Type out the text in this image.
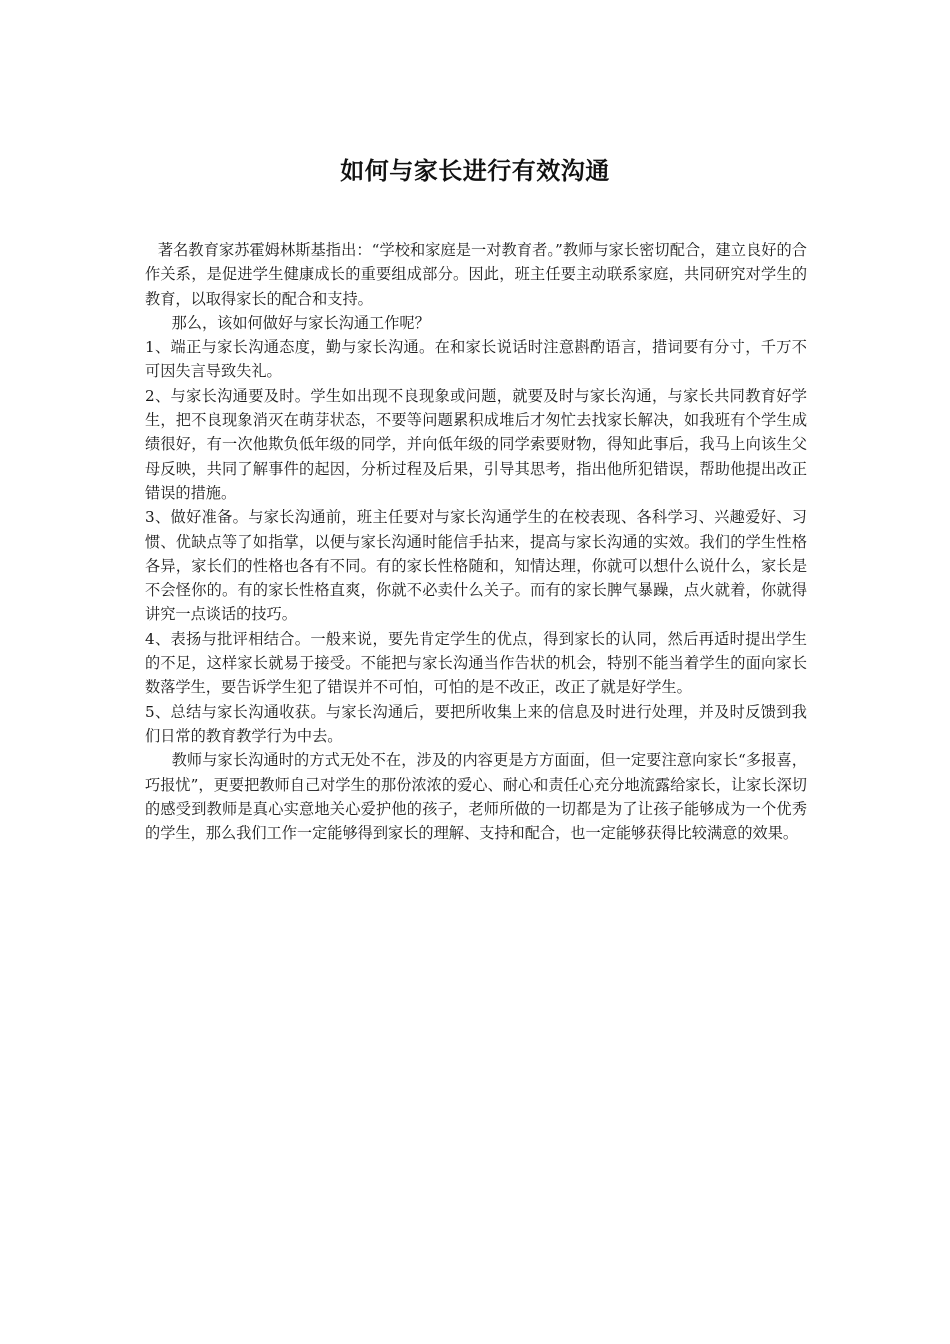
如何与家长进行有效沟通

著名教育家苏霍姆林斯基指出：“学校和家庭是一对教育者。”教师与家长密切配合，建立良好的合作关系，是促进学生健康成长的重要组成部分。因此，班主任要主动联系家庭，共同研究对学生的教育，以取得家长的配合和支持。

那么，该如何做好与家长沟通工作呢？

1、端正与家长沟通态度，勤与家长沟通。在和家长说话时注意斟酌语言，措词要有分寸，千万不可因失言导致失礼。

2、与家长沟通要及时。学生如出现不良现象或问题，就要及时与家长沟通，与家长共同教育好学生，把不良现象消灭在萌芽状态，不要等问题累积成堆后才匆忙去找家长解决，如我班有个学生成绩很好，有一次他欺负低年级的同学，并向低年级的同学索要财物，得知此事后，我马上向该生父母反映，共同了解事件的起因，分析过程及后果，引导其思考，指出他所犯错误，帮助他提出改正错误的措施。

3、做好准备。与家长沟通前，班主任要对与家长沟通学生的在校表现、各科学习、兴趣爱好、习惯、优缺点等了如指掌，以便与家长沟通时能信手拈来，提高与家长沟通的实效。我们的学生性格各异，家长们的性格也各有不同。有的家长性格随和，知情达理，你就可以想什么说什么，家长是不会怪你的。有的家长性格直爽，你就不必卖什么关子。而有的家长脾气暴躁，点火就着，你就得讲究一点谈话的技巧。

4、表扬与批评相结合。一般来说，要先肯定学生的优点，得到家长的认同，然后再适时提出学生的不足，这样家长就易于接受。不能把与家长沟通当作告状的机会，特别不能当着学生的面向家长数落学生，要告诉学生犯了错误并不可怕，可怕的是不改正，改正了就是好学生。

5、总结与家长沟通收获。与家长沟通后，要把所收集上来的信息及时进行处理，并及时反馈到我们日常的教育教学行为中去。

教师与家长沟通时的方式无处不在，涉及的内容更是方方面面，但一定要注意向家长“多报喜，巧报忧”，更要把教师自己对学生的那份浓浓的爱心、耐心和责任心充分地流露给家长，让家长深切的感受到教师是真心实意地关心爱护他的孩子，老师所做的一切都是为了让孩子能够成为一个优秀的学生，那么我们工作一定能够得到家长的理解、支持和配合，也一定能够获得比较满意的效果。
